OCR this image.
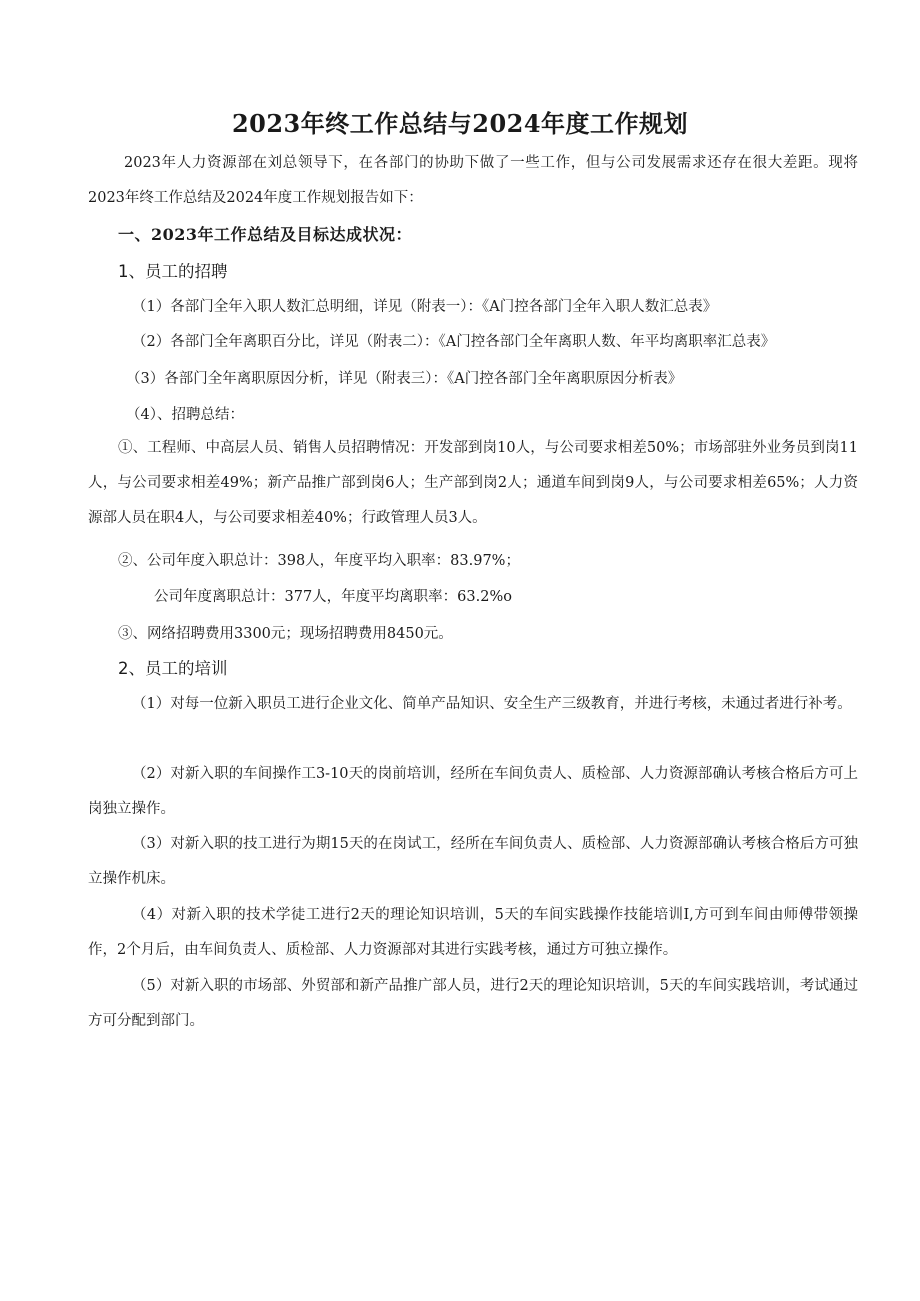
2023年终工作总结与2024年度工作规划
2023年人力资源部在刘总领导下，在各部门的协助下做了一些工作，但与公司发展需求还存在很大差距。现将2023年终工作总结及2024年度工作规划报告如下：
一、2023年工作总结及目标达成状况：
1、员工的招聘
（1）各部门全年入职人数汇总明细，详见（附表一）：《A门控各部门全年入职人数汇总表》
（2）各部门全年离职百分比，详见（附表二）：《A门控各部门全年离职人数、年平均离职率汇总表》
（3）各部门全年离职原因分析，详见（附表三）：《A门控各部门全年离职原因分析表》
（4）、招聘总结：
①、工程师、中高层人员、销售人员招聘情况：开发部到岗10人，与公司要求相差50%；市场部驻外业务员到岗11人，与公司要求相差49%；新产品推广部到岗6人；生产部到岗2人；通道车间到岗9人，与公司要求相差65%；人力资源部人员在职4人，与公司要求相差40%；行政管理人员3人。
②、公司年度入职总计：398人，年度平均入职率：83.97%；
公司年度离职总计：377人，年度平均离职率：63.2%o
③、网络招聘费用3300元；现场招聘费用8450元。
2、员工的培训
（1）对每一位新入职员工进行企业文化、简单产品知识、安全生产三级教育，并进行考核，未通过者进行补考。
（2）对新入职的车间操作工3-10天的岗前培训，经所在车间负责人、质检部、人力资源部确认考核合格后方可上岗独立操作。
（3）对新入职的技工进行为期15天的在岗试工，经所在车间负责人、质检部、人力资源部确认考核合格后方可独立操作机床。
（4）对新入职的技术学徒工进行2天的理论知识培训，5天的车间实践操作技能培训I,方可到车间由师傅带领操作，2个月后，由车间负责人、质检部、人力资源部对其进行实践考核，通过方可独立操作。
（5）对新入职的市场部、外贸部和新产品推广部人员，进行2天的理论知识培训，5天的车间实践培训，考试通过方可分配到部门。
